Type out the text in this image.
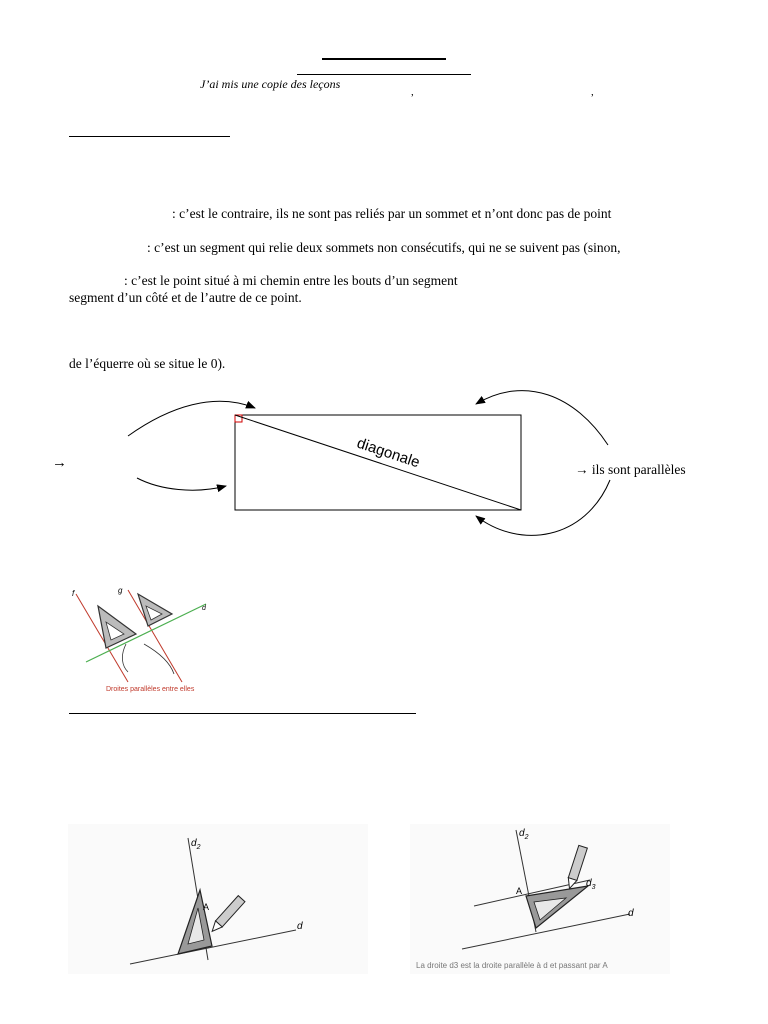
J’ai mis une copie des leçons
,	,
: c’est le contraire, ils ne sont pas reliés par un sommet et n’ont donc pas de point
: c’est un segment qui relie deux sommets non consécutifs, qui ne se suivent pas (sinon,
: c’est le point situé à mi chemin entre les bouts d’un segment
segment d’un côté et de l’autre de ce point.
de l’équerre où se situe le 0).
diagonale
→	→ ils sont parallèles
f	g
d
Droites parallèles entre elles
$d_2$
A
d
$d_2$
A
$d_3$
d
La droite d3 est la droite parallèle à d et passant par A
